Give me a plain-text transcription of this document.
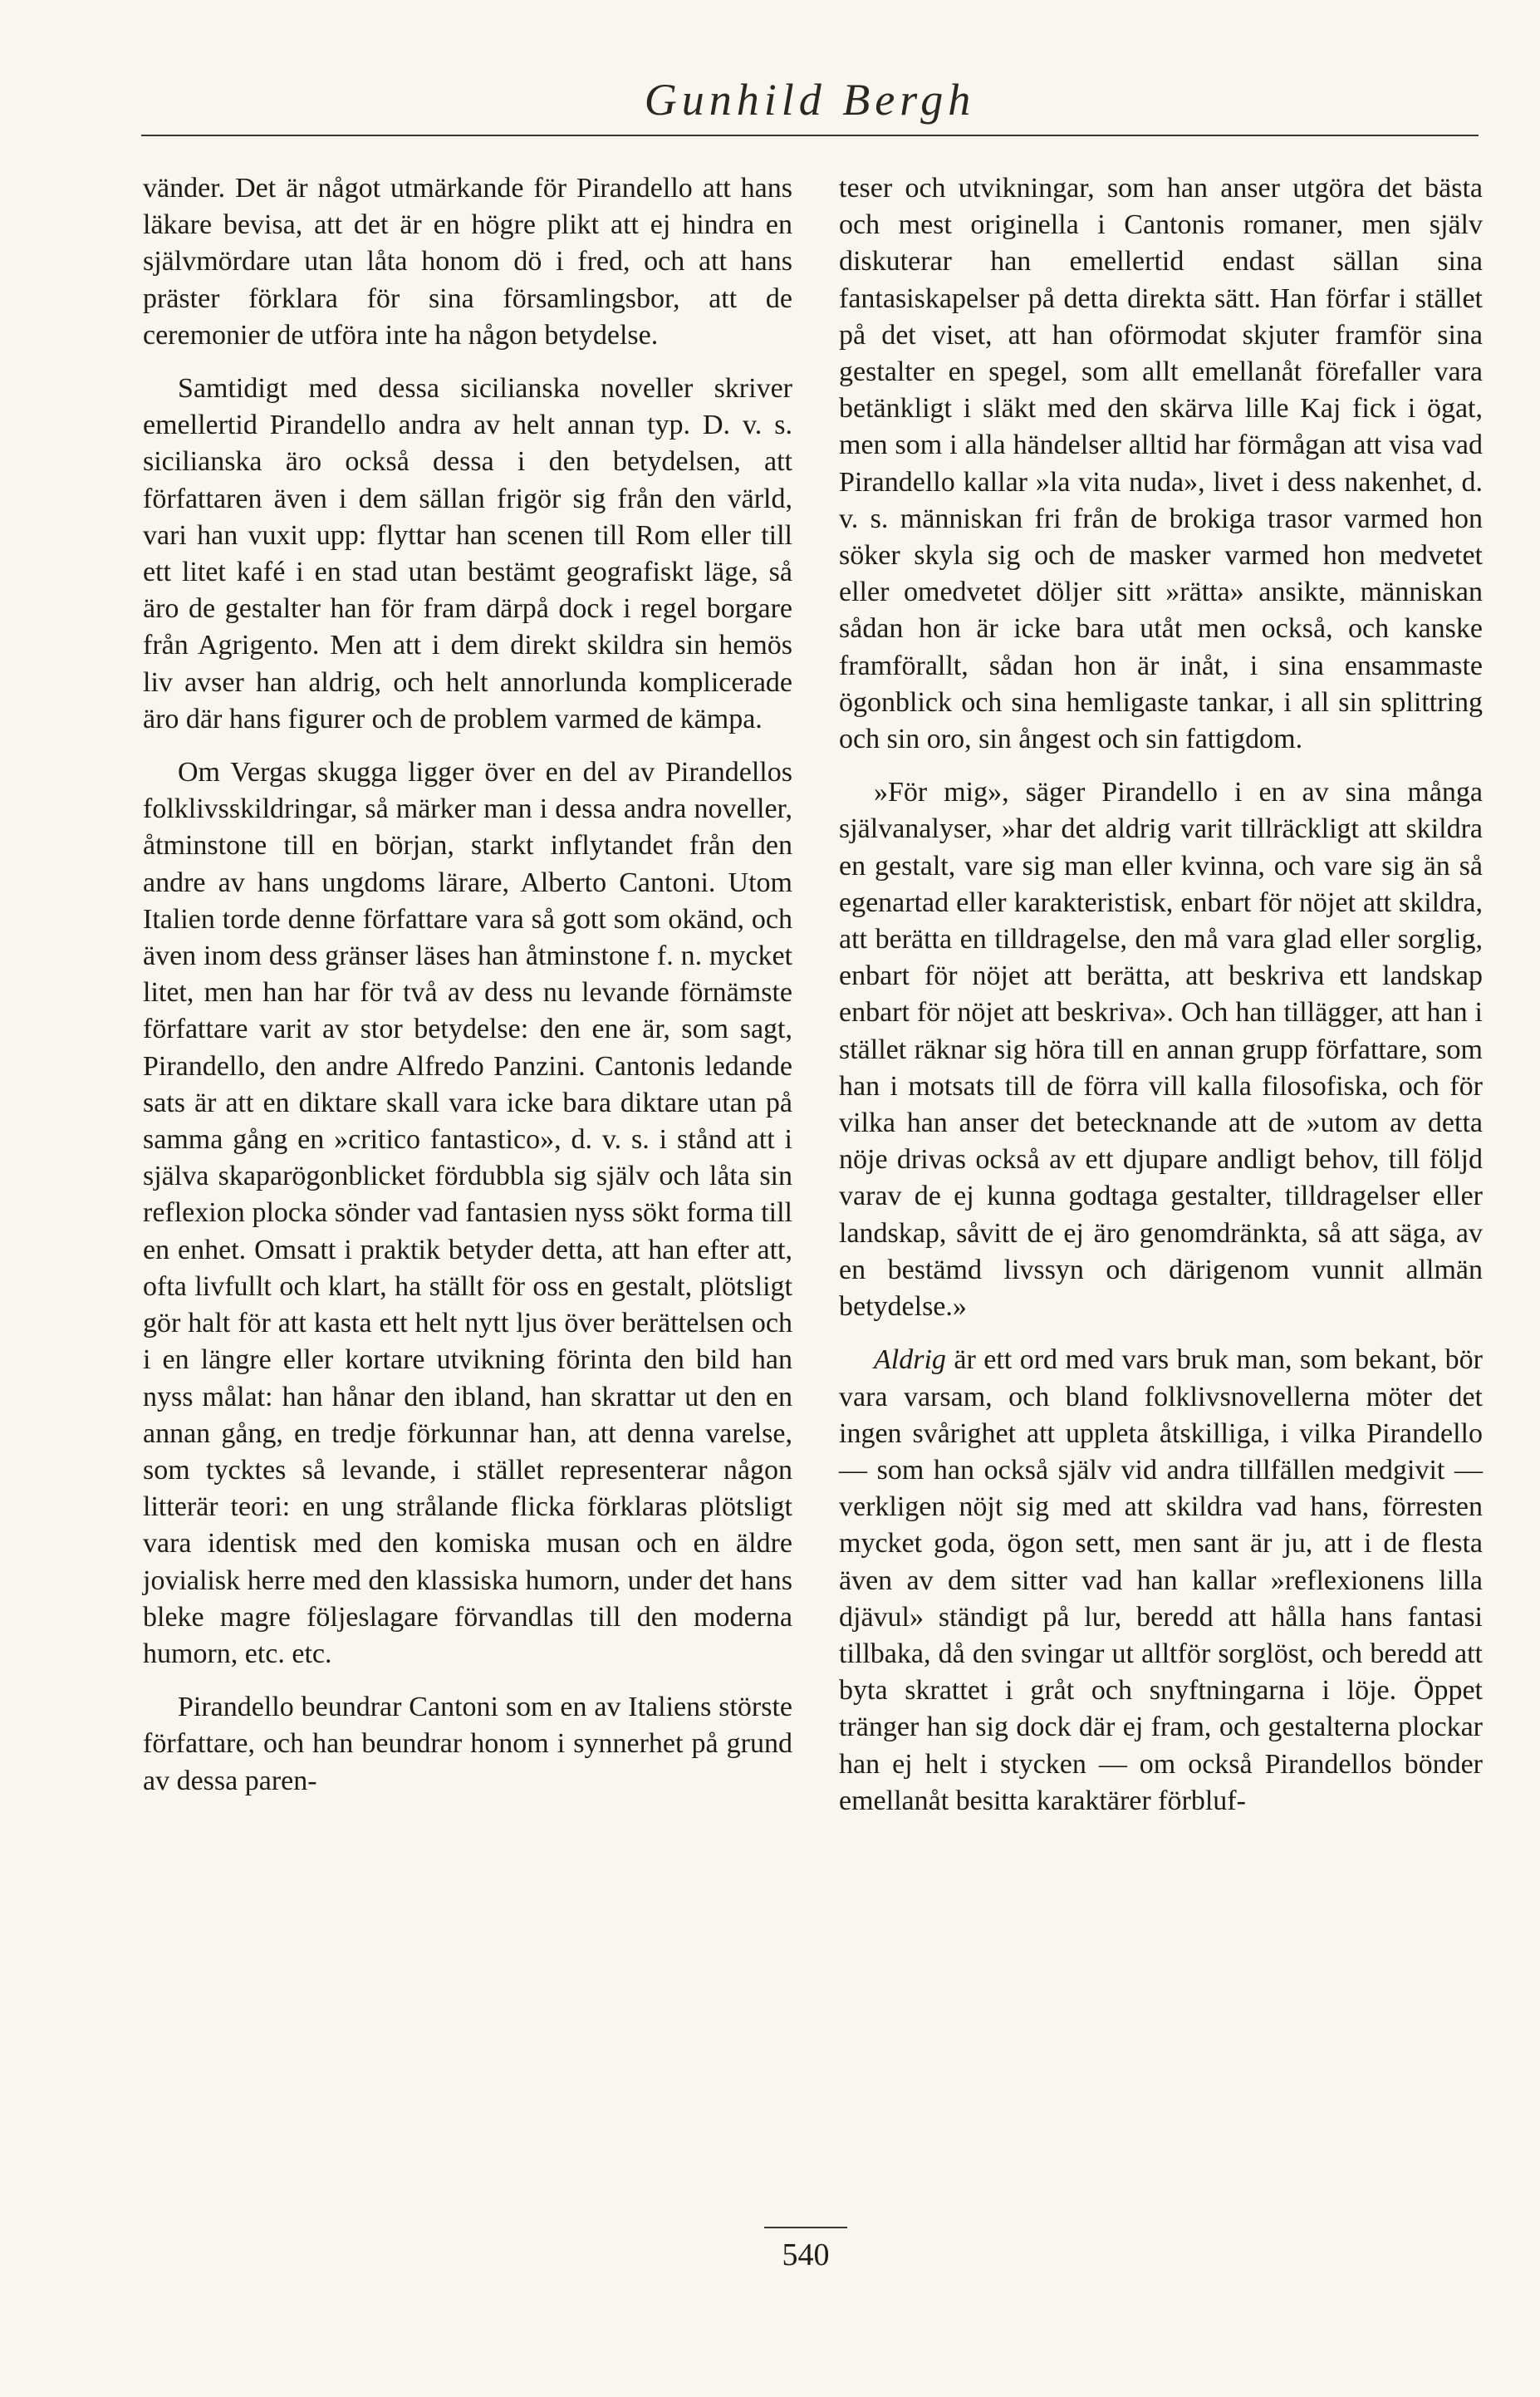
Gunhild Bergh

vänder. Det är något utmärkande för Pirandello att hans läkare bevisa, att det är en högre plikt att ej hindra en självmördare utan låta honom dö i fred, och att hans präster förklara för sina församlingsbor, att de ceremonier de utföra inte ha någon betydelse.

Samtidigt med dessa sicilianska noveller skriver emellertid Pirandello andra av helt annan typ. D. v. s. sicilianska äro också dessa i den betydelsen, att författaren även i dem sällan frigör sig från den värld, vari han vuxit upp: flyttar han scenen till Rom eller till ett litet kafé i en stad utan bestämt geografiskt läge, så äro de gestalter han för fram därpå dock i regel borgare från Agrigento. Men att i dem direkt skildra sin hemös liv avser han aldrig, och helt annorlunda komplicerade äro där hans figurer och de problem varmed de kämpa.

Om Vergas skugga ligger över en del av Pirandellos folklivsskildringar, så märker man i dessa andra noveller, åtminstone till en början, starkt inflytandet från den andre av hans ungdoms lärare, Alberto Cantoni. Utom Italien torde denne författare vara så gott som okänd, och även inom dess gränser läses han åtminstone f. n. mycket litet, men han har för två av dess nu levande förnämste författare varit av stor betydelse: den ene är, som sagt, Pirandello, den andre Alfredo Panzini. Cantonis ledande sats är att en diktare skall vara icke bara diktare utan på samma gång en »critico fantastico», d. v. s. i stånd att i själva skaparögonblicket fördubbla sig själv och låta sin reflexion plocka sönder vad fantasien nyss sökt forma till en enhet. Omsatt i praktik betyder detta, att han efter att, ofta livfullt och klart, ha ställt för oss en gestalt, plötsligt gör halt för att kasta ett helt nytt ljus över berättelsen och i en längre eller kortare utvikning förinta den bild han nyss målat: han hånar den ibland, han skrattar ut den en annan gång, en tredje förkunnar han, att denna varelse, som tycktes så levande, i stället representerar någon litterär teori: en ung strålande flicka förklaras plötsligt vara identisk med den komiska musan och en äldre jovialisk herre med den klassiska humorn, under det hans bleke magre följeslagare förvandlas till den moderna humorn, etc. etc.

Pirandello beundrar Cantoni som en av Italiens störste författare, och han beundrar honom i synnerhet på grund av dessa paren-

teser och utvikningar, som han anser utgöra det bästa och mest originella i Cantonis romaner, men själv diskuterar han emellertid endast sällan sina fantasiskapelser på detta direkta sätt. Han förfar i stället på det viset, att han oförmodat skjuter framför sina gestalter en spegel, som allt emellanåt förefaller vara betänkligt i släkt med den skärva lille Kaj fick i ögat, men som i alla händelser alltid har förmågan att visa vad Pirandello kallar »la vita nuda», livet i dess nakenhet, d. v. s. människan fri från de brokiga trasor varmed hon söker skyla sig och de masker varmed hon medvetet eller omedvetet döljer sitt »rätta» ansikte, människan sådan hon är icke bara utåt men också, och kanske framförallt, sådan hon är inåt, i sina ensammaste ögonblick och sina hemligaste tankar, i all sin splittring och sin oro, sin ångest och sin fattigdom.

»För mig», säger Pirandello i en av sina många självanalyser, »har det aldrig varit tillräckligt att skildra en gestalt, vare sig man eller kvinna, och vare sig än så egenartad eller karakteristisk, enbart för nöjet att skildra, att berätta en tilldragelse, den må vara glad eller sorglig, enbart för nöjet att berätta, att beskriva ett landskap enbart för nöjet att beskriva». Och han tillägger, att han i stället räknar sig höra till en annan grupp författare, som han i motsats till de förra vill kalla filosofiska, och för vilka han anser det betecknande att de »utom av detta nöje drivas också av ett djupare andligt behov, till följd varav de ej kunna godtaga gestalter, tilldragelser eller landskap, såvitt de ej äro genomdränkta, så att säga, av en bestämd livssyn och därigenom vunnit allmän betydelse.»

Aldrig är ett ord med vars bruk man, som bekant, bör vara varsam, och bland folklivsnovellerna möter det ingen svårighet att uppleta åtskilliga, i vilka Pirandello — som han också själv vid andra tillfällen medgivit — verkligen nöjt sig med att skildra vad hans, förresten mycket goda, ögon sett, men sant är ju, att i de flesta även av dem sitter vad han kallar »reflexionens lilla djävul» ständigt på lur, beredd att hålla hans fantasi tillbaka, då den svingar ut alltför sorglöst, och beredd att byta skrattet i gråt och snyftningarna i löje. Öppet tränger han sig dock där ej fram, och gestalterna plockar han ej helt i stycken — om också Pirandellos bönder emellanåt besitta karaktärer förbluf-

540
